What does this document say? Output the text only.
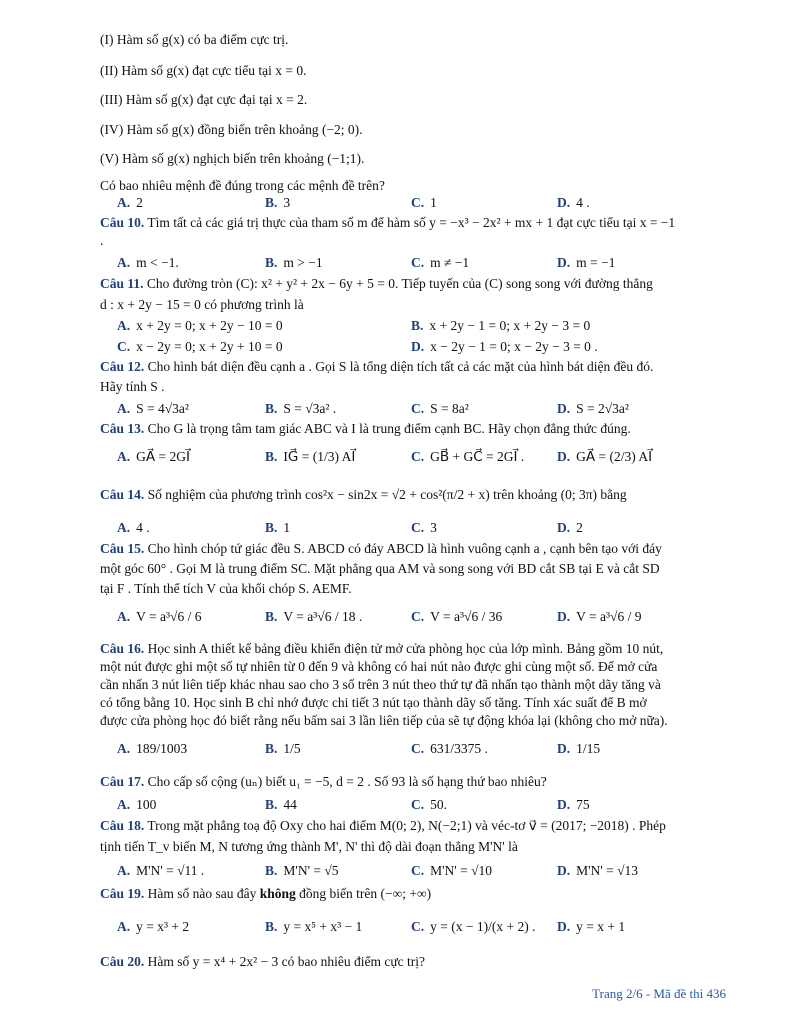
(I) Hàm số g(x) có ba điểm cực trị.
(II) Hàm số g(x) đạt cực tiểu tại x = 0.
(III) Hàm số g(x) đạt cực đại tại x = 2.
(IV) Hàm số g(x) đồng biến trên khoảng (−2; 0).
(V) Hàm số g(x) nghịch biến trên khoảng (−1;1).
Có bao nhiêu mệnh đề đúng trong các mệnh đề trên?
A. 2	B. 3	C. 1	D. 4 .
Câu 10. Tìm tất cả các giá trị thực của tham số m để hàm số y = −x³ − 2x² + mx + 1 đạt cực tiểu tại x = −1
.
A. m < −1.	B. m > −1	C. m ≠ −1	D. m = −1
Câu 11. Cho đường tròn (C): x² + y² + 2x − 6y + 5 = 0. Tiếp tuyến của (C) song song với đường thẳng
d : x + 2y − 15 = 0 có phương trình là
A. x + 2y = 0; x + 2y − 10 = 0	B. x + 2y − 1 = 0; x + 2y − 3 = 0
C. x − 2y = 0; x + 2y + 10 = 0	D. x − 2y − 1 = 0; x − 2y − 3 = 0 .
Câu 12. Cho hình bát diện đều cạnh a . Gọi S là tổng diện tích tất cả các mặt của hình bát diện đều đó.
Hãy tính S .
A. S = 4√3a²	B. S = √3a² .	C. S = 8a²	D. S = 2√3a²
Câu 13. Cho G là trọng tâm tam giác ABC và I là trung điểm cạnh BC. Hãy chọn đẳng thức đúng.
A. GA⃗ = 2GI⃗	B. IG⃗ = (1/3) AI⃗	C. GB⃗ + GC⃗ = 2GI⃗ . D. GA⃗ = (2/3) AI⃗
Câu 14. Số nghiệm của phương trình cos²x − sin2x = √2 + cos²(π/2 + x) trên khoảng (0; 3π) bằng
A. 4 .	B. 1	C. 3	D. 2
Câu 15. Cho hình chóp tứ giác đều S. ABCD có đáy ABCD là hình vuông cạnh a , cạnh bên tạo với đáy
một góc 60° . Gọi M là trung điểm SC. Mặt phẳng qua AM và song song với BD cắt SB tại E và cắt SD
tại F . Tính thể tích V của khối chóp S. AEMF.
A. V = a³√6 / 6	B. V = a³√6 / 18 .	C. V = a³√6 / 36	D. V = a³√6 / 9
Câu 16. Học sinh A thiết kế bảng điều khiển điện tử mở cửa phòng học của lớp mình. Bảng gồm 10 nút,
một nút được ghi một số tự nhiên từ 0 đến 9 và không có hai nút nào được ghi cùng một số. Để mở cửa
cần nhấn 3 nút liên tiếp khác nhau sao cho 3 số trên 3 nút theo thứ tự đã nhấn tạo thành một dãy tăng và
có tổng bằng 10. Học sinh B chỉ nhớ được chi tiết 3 nút tạo thành dãy số tăng. Tính xác suất để B mở
được cửa phòng học đó biết rằng nếu bấm sai 3 lần liên tiếp của sẽ tự động khóa lại (không cho mở nữa).
A. 189/1003	B. 1/5	C. 631/3375 .	D. 1/15
Câu 17. Cho cấp số cộng (uₙ) biết u₁ = −5, d = 2 . Số 93 là số hạng thứ bao nhiêu?
A. 100	B. 44	C. 50.	D. 75
Câu 18. Trong mặt phẳng toạ độ Oxy cho hai điểm M(0; 2), N(−2;1) và véc-tơ v⃗ = (2017; −2018) . Phép
tịnh tiến T_v biến M, N tương ứng thành M', N' thì độ dài đoạn thẳng M'N' là
A. M'N' = √11 .	B. M'N' = √5	C. M'N' = √10	D. M'N' = √13
Câu 19. Hàm số nào sau đây không đồng biến trên (−∞; +∞)
A. y = x³ + 2	B. y = x⁵ + x³ − 1	C. y = (x − 1)/(x + 2) . D. y = x + 1
Câu 20. Hàm số y = x⁴ + 2x² − 3 có bao nhiêu điểm cực trị?
Trang 2/6 - Mã đề thi 436
